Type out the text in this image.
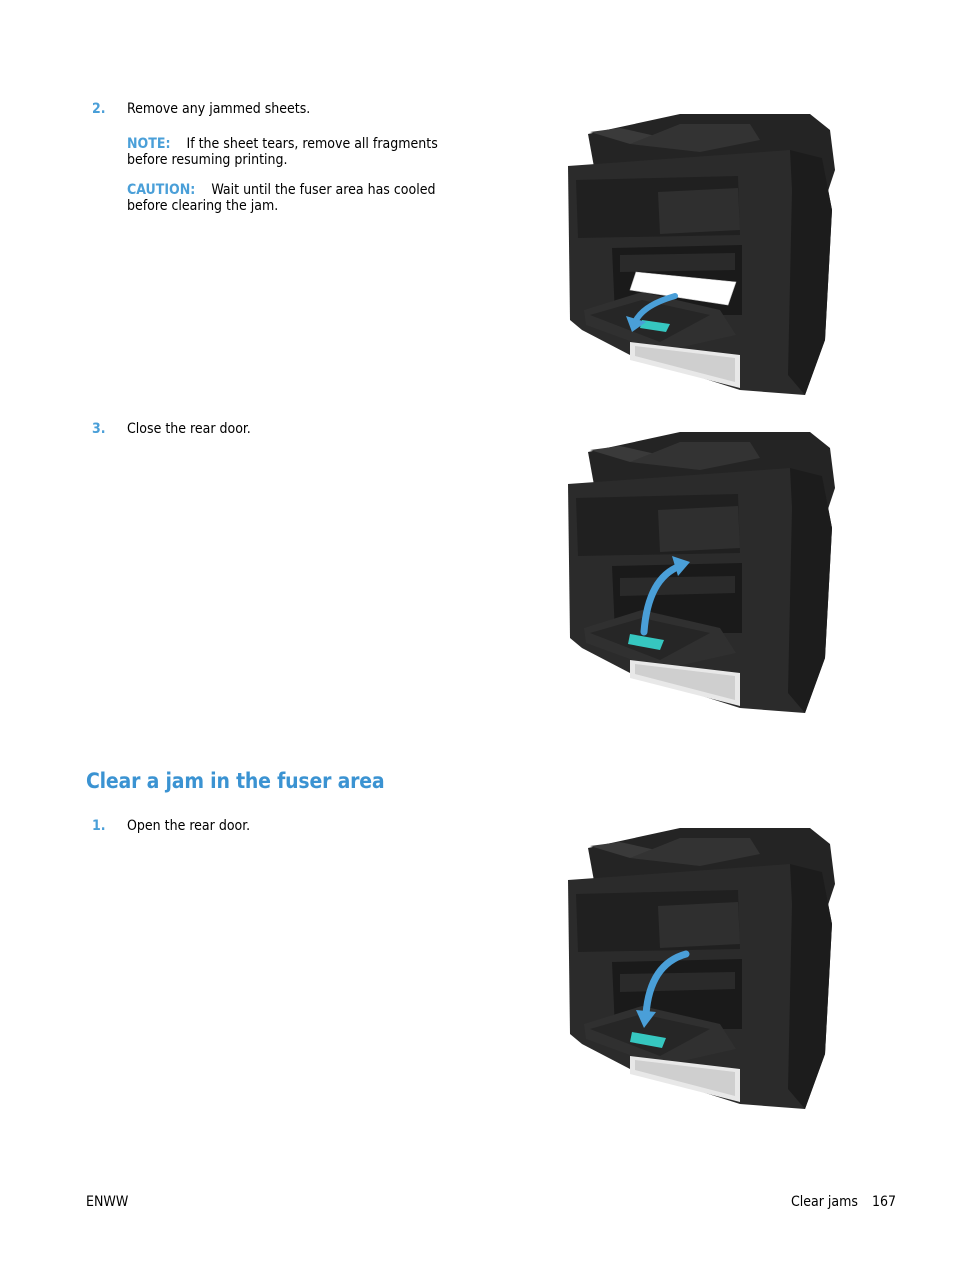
2. Remove any jammed sheets.
NOTE: If the sheet tears, remove all fragments
before resuming printing.
CAUTION: Wait until the fuser area has cooled
before clearing the jam.
3. Close the rear door.
Clear a jam in the fuser area
1. Open the rear door.
ENWW	Clear jams 167
